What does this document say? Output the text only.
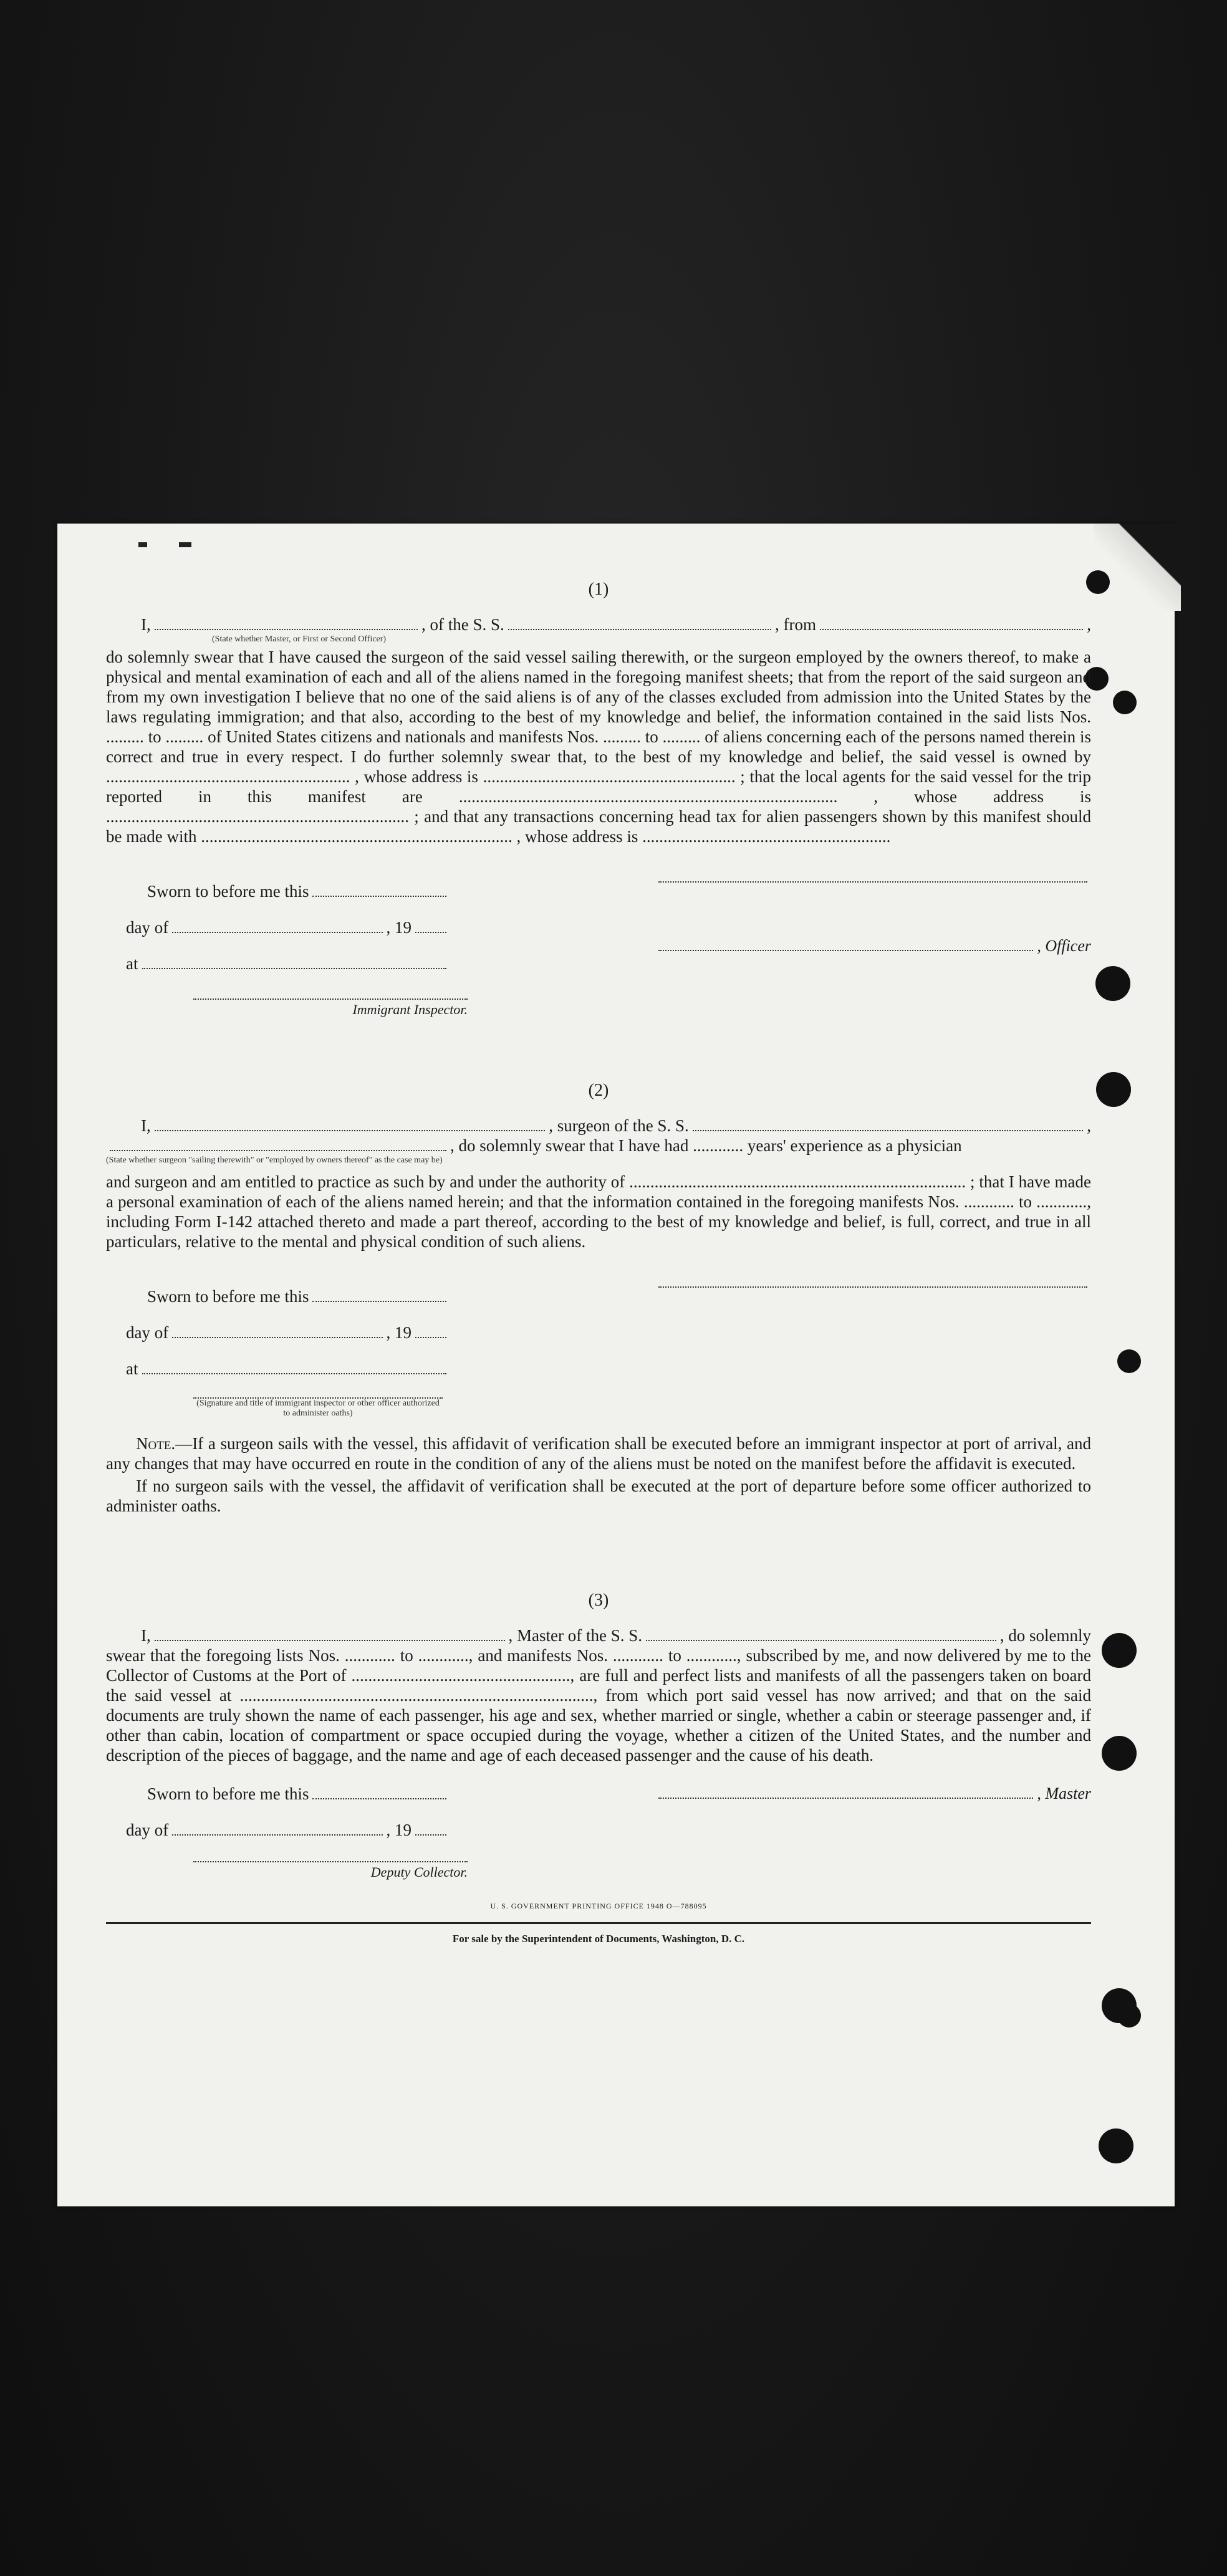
(1)
I,	, of the S. S.	, from	,
(State whether Master, or First or Second Officer)

do solemnly swear that I have caused the surgeon of the said vessel sailing therewith, or the surgeon employed by the owners thereof, to make a physical and mental examination of each and all of the aliens named in the foregoing manifest sheets; that from the report of the said surgeon and from my own investigation I believe that no one of the said aliens is of any of the classes excluded from admission into the United States by the laws regulating immigration; and that also, according to the best of my knowledge and belief, the information contained in the said lists Nos. ......... to ......... of United States citizens and nationals and manifests Nos. ......... to ......... of aliens concerning each of the persons named therein is correct and true in every respect. I do further solemnly swear that, to the best of my knowledge and belief, the said vessel is owned by .......................................................... , whose address is ............................................................ ; that the local agents for the said vessel for the trip reported in this manifest are .......................................................................................... , whose address is ........................................................................ ; and that any transactions concerning head tax for alien passengers shown by this manifest should be made with .......................................................................... , whose address is ...........................................................

Sworn to before me this
day of	, 19
at
, Officer
Immigrant Inspector.
(2)
I,	, surgeon of the S. S.	,
, do solemnly swear that I have had ............ years' experience as a physician
(State whether surgeon "sailing therewith" or "employed by owners thereof" as the case may be)

and surgeon and am entitled to practice as such by and under the authority of ................................................................................ ; that I have made a personal examination of each of the aliens named herein; and that the information contained in the foregoing manifests Nos. ............ to ............, including Form I-142 attached thereto and made a part thereof, according to the best of my knowledge and belief, is full, correct, and true in all particulars, relative to the mental and physical condition of such aliens.

Sworn to before me this
day of	, 19
at
(Signature and title of immigrant inspector or other officer authorized to administer oaths)

Note.—If a surgeon sails with the vessel, this affidavit of verification shall be executed before an immigrant inspector at port of arrival, and any changes that may have occurred en route in the condition of any of the aliens must be noted on the manifest before the affidavit is executed.

If no surgeon sails with the vessel, the affidavit of verification shall be executed at the port of departure before some officer authorized to administer oaths.

(3)
I,	, Master of the S. S.	, do solemnly

swear that the foregoing lists Nos. ............ to ............, and manifests Nos. ............ to ............, subscribed by me, and now delivered by me to the Collector of Customs at the Port of ...................................................., are full and perfect lists and manifests of all the passengers taken on board the said vessel at ...................................................................................., from which port said vessel has now arrived; and that on the said documents are truly shown the name of each passenger, his age and sex, whether married or single, whether a cabin or steerage passenger and, if other than cabin, location of compartment or space occupied during the voyage, whether a citizen of the United States, and the number and description of the pieces of baggage, and the name and age of each deceased passenger and the cause of his death.

Sworn to before me this
day of	, 19
, Master
Deputy Collector.
U. S. GOVERNMENT PRINTING OFFICE 1948 O—788095
For sale by the Superintendent of Documents, Washington, D. C.
